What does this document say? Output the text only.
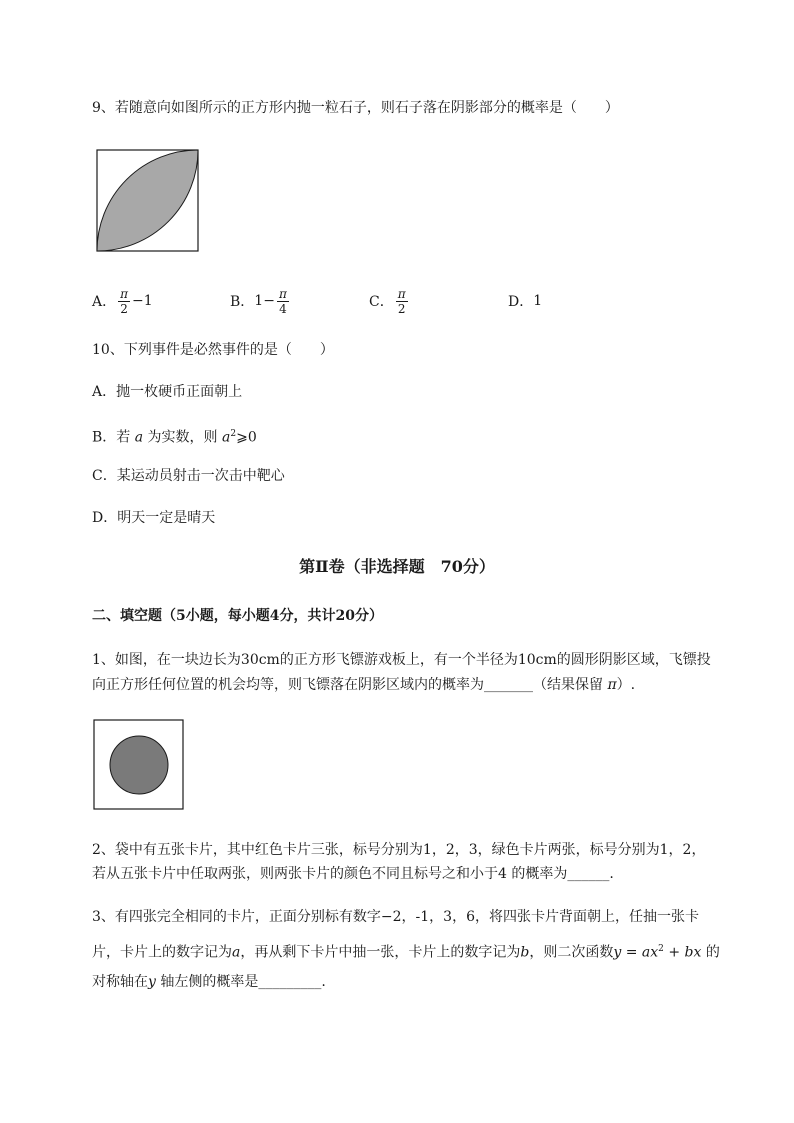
9、若随意向如图所示的正方形内抛一粒石子，则石子落在阴影部分的概率是（　　）
A． $\frac{\pi}{2} -1$	B． $1- \frac{\pi}{4}$	C． $\frac{\pi}{2}$	D． 1
10、下列事件是必然事件的是（　　）
A．抛一枚硬币正面朝上
B．若 a 为实数，则 $a^2⩾0$
C．某运动员射击一次击中靶心
D．明天一定是晴天
第Ⅱ卷（非选择题　70分）
二、填空题（5小题，每小题4分，共计20分）
1、如图，在一块边长为30cm的正方形飞镖游戏板上，有一个半径为10cm的圆形阴影区域，飞镖投
向正方形任何位置的机会均等，则飞镖落在阴影区域内的概率为_______（结果保留 π）.
2、袋中有五张卡片，其中红色卡片三张，标号分别为1，2，3，绿色卡片两张，标号分别为1，2，
若从五张卡片中任取两张，则两张卡片的颜色不同且标号之和小于4 的概率为______.
3、有四张完全相同的卡片，正面分别标有数字−2，-1，3，6，将四张卡片背面朝上，任抽一张卡
片，卡片上的数字记为a，再从剩下卡片中抽一张，卡片上的数字记为b，则二次函数$y = ax^2$ + bx 的
对称轴在y 轴左侧的概率是_________.
